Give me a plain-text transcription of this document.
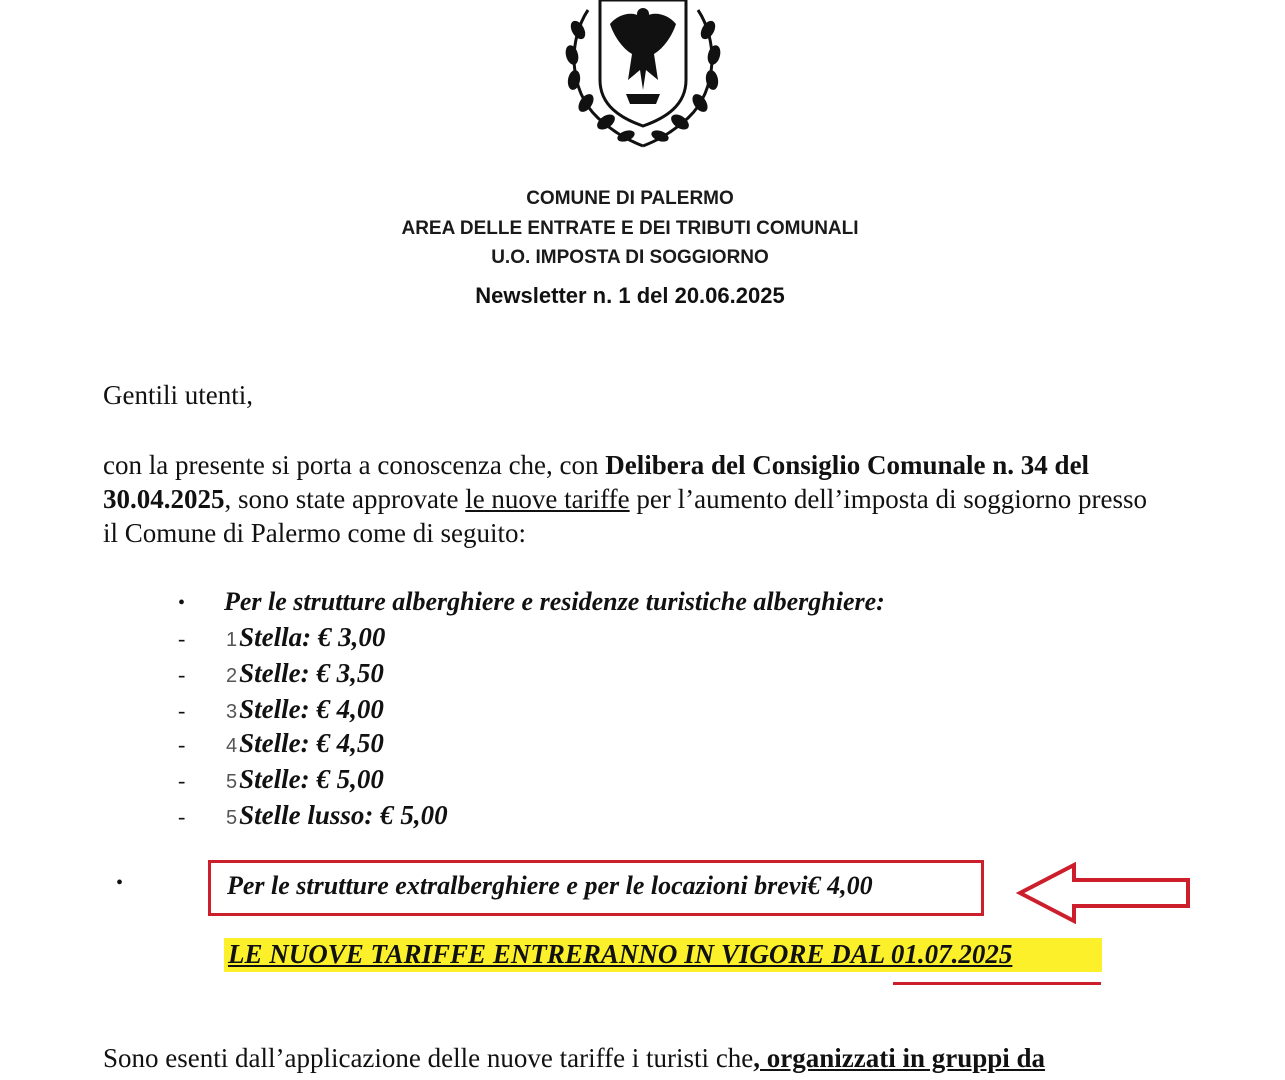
COMUNE DI PALERMO
AREA DELLE ENTRATE E DEI TRIBUTI COMUNALI
U.O. IMPOSTA DI SOGGIORNO
Newsletter n. 1 del 20.06.2025
Gentili utenti,
con la presente si porta a conoscenza che, con Delibera del Consiglio Comunale n. 34 del 30.04.2025, sono state approvate le nuove tariffe per l’aumento dell’imposta di soggiorno presso il Comune di Palermo come di seguito:
• Per le strutture alberghiere e residenze turistiche alberghiere:
- 1Stella: € 3,00
- 2Stelle: € 3,50
- 3Stelle: € 4,00
- 4Stelle: € 4,50
- 5Stelle: € 5,00
- 5Stelle lusso: € 5,00
•	Per le strutture extralberghiere e per le locazioni brevi€ 4,00
LE NUOVE TARIFFE ENTRERANNO IN VIGORE DAL 01.07.2025
Sono esenti dall’applicazione delle nuove tariffe i turisti che, organizzati in gruppi da
